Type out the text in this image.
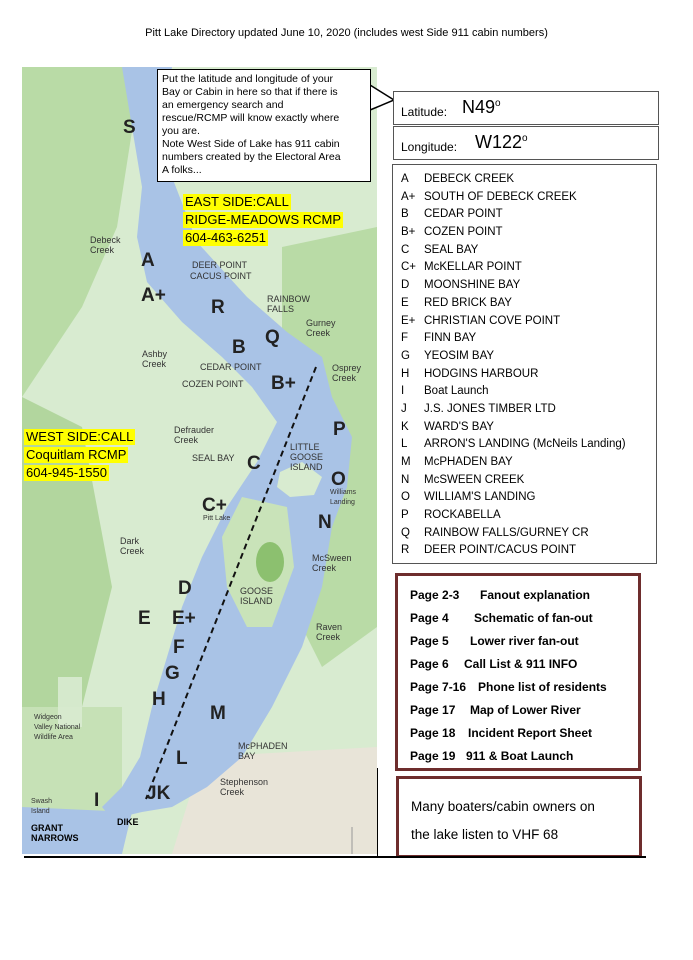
Pitt Lake Directory updated June 10, 2020 (includes west Side 911 cabin numbers)
Debeck
Creek
DEER POINT
CACUS POINT
RAINBOW
FALLS
Gurney
Creek
Ashby
Creek	CEDAR POINT
COZEN POINT
Osprey
Creek
Defrauder
Creek
SEAL BAY
LITTLE
GOOSE
ISLAND
Williams
Landing
Pitt Lake
Dark
Creek
McSween
Creek
GOOSE
ISLAND
Raven
Creek
Widgeon
Valley National
Wildlife Area
McPHADEN
BAY
Stephenson
Creek
Swash
Island
GRANT
NARROWS
DIKE
S
A
A+
R
B Q
B+
P
C
O
C+
N
D
E E+
F
G
H
M
L
I JK
Put the latitude and longitude of your
Bay or Cabin in here so that if there is
an emergency search and
rescue/RCMP will know exactly where
you are.
Note West Side of Lake has 911 cabin
numbers created by the Electoral Area
A folks...
EAST SIDE:CALL
RIDGE-MEADOWS RCMP
604-463-6251
WEST SIDE:CALL
Coquitlam RCMP
604-945-1550
Latitude: N49$^o$
Longitude: W122$^o$
A DEBECK CREEK
A+ SOUTH OF DEBECK CREEK
B CEDAR POINT
B+ COZEN POINT
C SEAL BAY
C+ McKELLAR POINT
D MOONSHINE BAY
E RED BRICK BAY
E+ CHRISTIAN COVE POINT
F FINN BAY
G YEOSIM BAY
H HODGINS HARBOUR
I Boat Launch
J J.S. JONES TIMBER LTD
K WARD'S BAY
L ARRON'S LANDING (McNeils Landing)
M McPHADEN BAY
N McSWEEN CREEK
O WILLIAM'S LANDING
P ROCKABELLA
Q RAINBOW FALLS/GURNEY CR
R DEER POINT/CACUS POINT
Page 2-3 Fanout explanation
Page 4 Schematic of fan-out
Page 5 Lower river fan-out
Page 6 Call List & 911 INFO
Page 7-16 Phone list of residents
Page 17 Map of Lower River
Page 18 Incident Report Sheet
Page 19 911 & Boat Launch
Many boaters/cabin owners on
the lake listen to VHF 68
